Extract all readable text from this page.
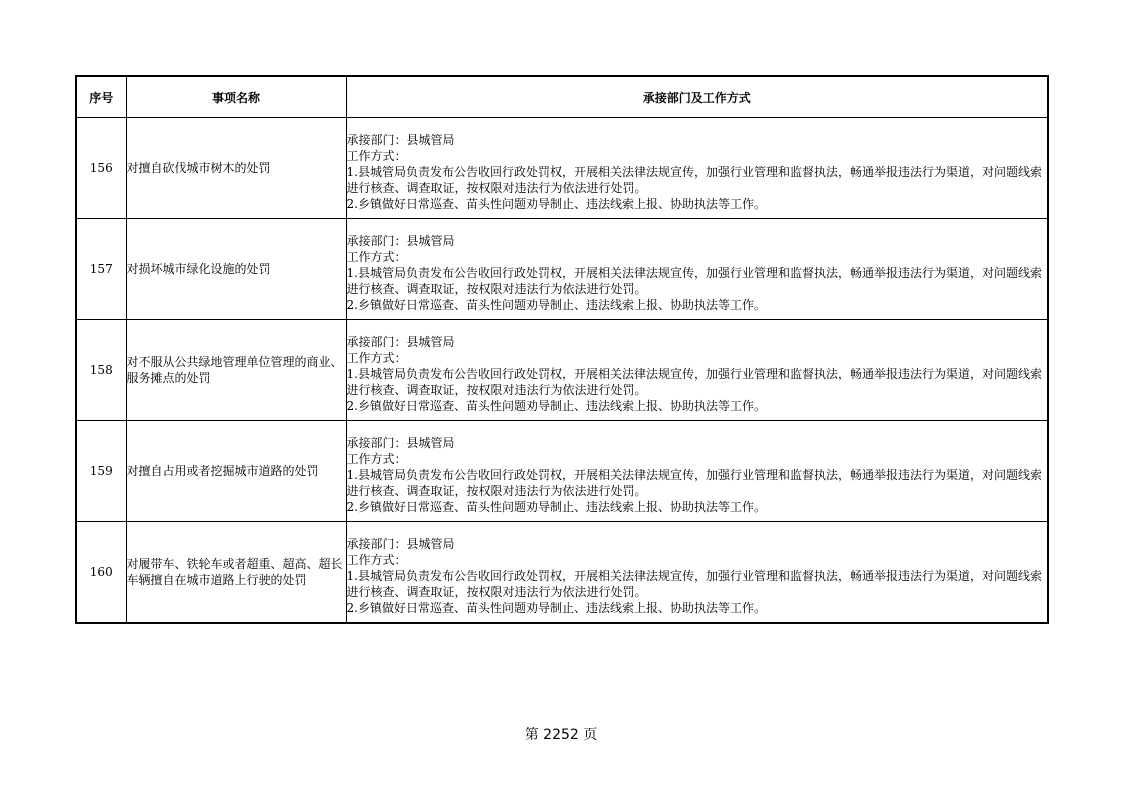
序号	事项名称	承接部门及工作方式
156	对擅自砍伐城市树木的处罚	承接部门：县城管局
工作方式：
1.县城管局负责发布公告收回行政处罚权，开展相关法律法规宣传，加强行业管理和监督执法，畅通举报违法行为渠道，对问题线索进行核查、调查取证，按权限对违法行为依法进行处罚。
2.乡镇做好日常巡查、苗头性问题劝导制止、违法线索上报、协助执法等工作。

157	对损坏城市绿化设施的处罚	承接部门：县城管局
工作方式：
1.县城管局负责发布公告收回行政处罚权，开展相关法律法规宣传，加强行业管理和监督执法，畅通举报违法行为渠道，对问题线索进行核查、调查取证，按权限对违法行为依法进行处罚。
2.乡镇做好日常巡查、苗头性问题劝导制止、违法线索上报、协助执法等工作。

158	对不服从公共绿地管理单位管理的商业、服务摊点的处罚	承接部门：县城管局
工作方式：
1.县城管局负责发布公告收回行政处罚权，开展相关法律法规宣传，加强行业管理和监督执法，畅通举报违法行为渠道，对问题线索进行核查、调查取证，按权限对违法行为依法进行处罚。
2.乡镇做好日常巡查、苗头性问题劝导制止、违法线索上报、协助执法等工作。

159	对擅自占用或者挖掘城市道路的处罚	承接部门：县城管局
工作方式：
1.县城管局负责发布公告收回行政处罚权，开展相关法律法规宣传，加强行业管理和监督执法，畅通举报违法行为渠道，对问题线索进行核查、调查取证，按权限对违法行为依法进行处罚。
2.乡镇做好日常巡查、苗头性问题劝导制止、违法线索上报、协助执法等工作。

160	对履带车、铁轮车或者超重、超高、超长车辆擅自在城市道路上行驶的处罚	承接部门：县城管局
工作方式：
1.县城管局负责发布公告收回行政处罚权，开展相关法律法规宣传，加强行业管理和监督执法，畅通举报违法行为渠道，对问题线索进行核查、调查取证，按权限对违法行为依法进行处罚。
2.乡镇做好日常巡查、苗头性问题劝导制止、违法线索上报、协助执法等工作。
第 2252 页
